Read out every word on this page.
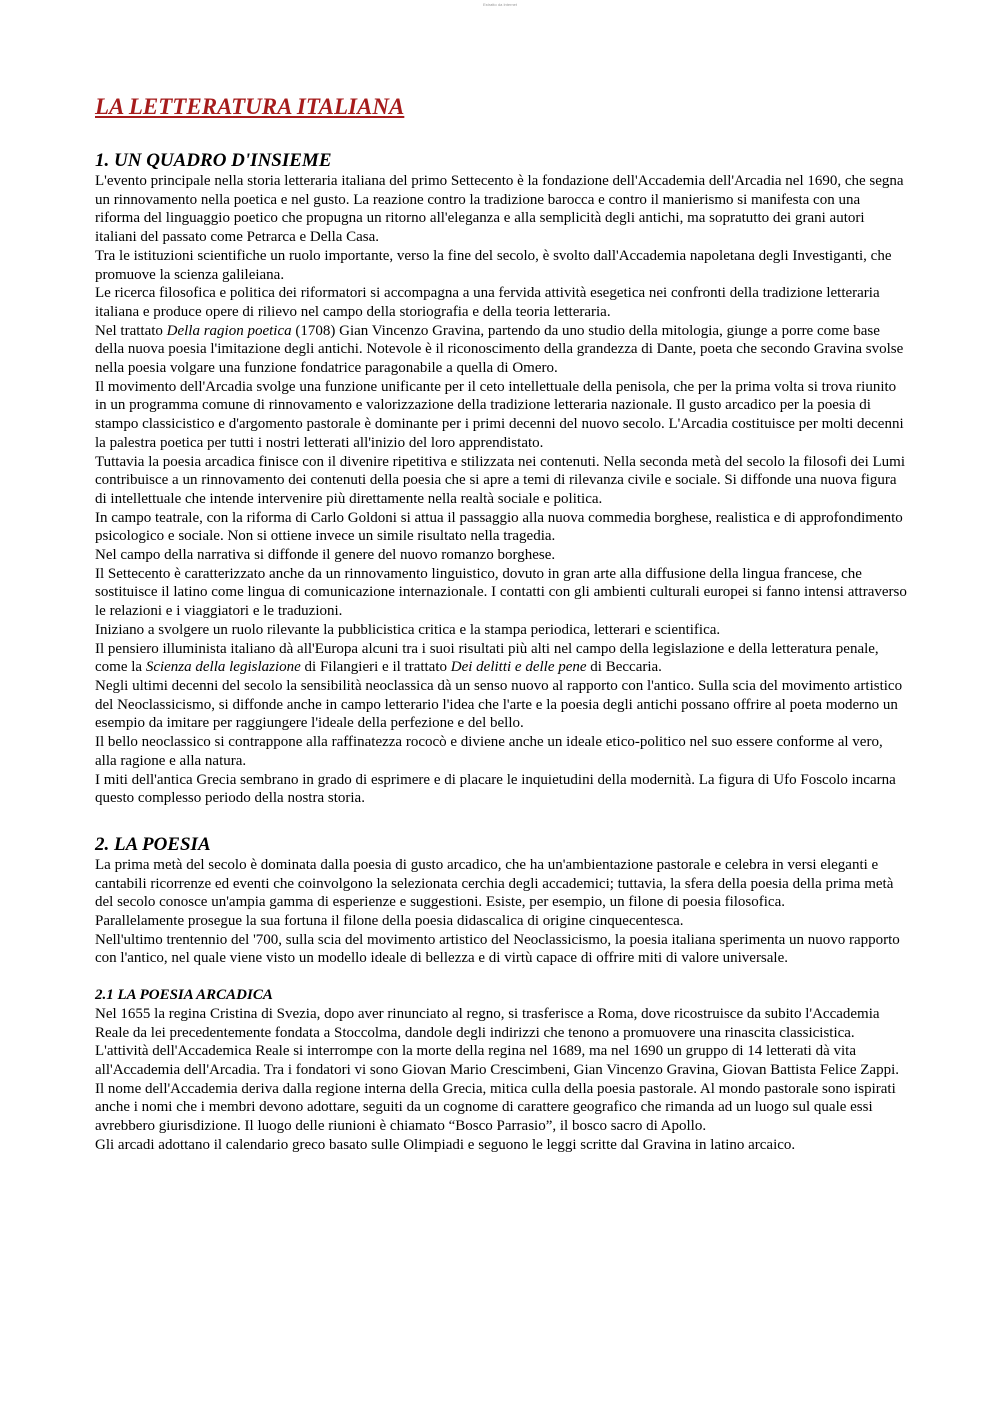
Estratto da Internet
LA LETTERATURA ITALIANA
1. UN QUADRO D'INSIEME

L'evento principale nella storia letteraria italiana del primo Settecento è la fondazione dell'Accademia dell'Arcadia nel 1690, che segna un rinnovamento nella poetica e nel gusto. La reazione contro la tradizione barocca e contro il manierismo si manifesta con una riforma del linguaggio poetico che propugna un ritorno all'eleganza e alla semplicità degli antichi, ma sopratutto dei grani autori italiani del passato come Petrarca e Della Casa.

Tra le istituzioni scientifiche un ruolo importante, verso la fine del secolo, è svolto dall'Accademia napoletana degli Investiganti, che promuove la scienza galileiana.

Le ricerca filosofica e politica dei riformatori si accompagna a una fervida attività esegetica nei confronti della tradizione letteraria italiana e produce opere di rilievo nel campo della storiografia e della teoria letteraria.

Nel trattato Della ragion poetica (1708) Gian Vincenzo Gravina, partendo da uno studio della mitologia, giunge a porre come base della nuova poesia l'imitazione degli antichi. Notevole è il riconoscimento della grandezza di Dante, poeta che secondo Gravina svolse nella poesia volgare una funzione fondatrice paragonabile a quella di Omero.

Il movimento dell'Arcadia svolge una funzione unificante per il ceto intellettuale della penisola, che per la prima volta si trova riunito in un programma comune di rinnovamento e valorizzazione della tradizione letteraria nazionale. Il gusto arcadico per la poesia di stampo classicistico e d'argomento pastorale è dominante per i primi decenni del nuovo secolo. L'Arcadia costituisce per molti decenni la palestra poetica per tutti i nostri letterati all'inizio del loro apprendistato.

Tuttavia la poesia arcadica finisce con il divenire ripetitiva e stilizzata nei contenuti. Nella seconda metà del secolo la filosofi dei Lumi contribuisce a un rinnovamento dei contenuti della poesia che si apre a temi di rilevanza civile e sociale. Si diffonde una nuova figura di intellettuale che intende intervenire più direttamente nella realtà sociale e politica.

In campo teatrale, con la riforma di Carlo Goldoni si attua il passaggio alla nuova commedia borghese, realistica e di approfondimento psicologico e sociale. Non si ottiene invece un simile risultato nella tragedia.

Nel campo della narrativa si diffonde il genere del nuovo romanzo borghese.

Il Settecento è caratterizzato anche da un rinnovamento linguistico, dovuto in gran arte alla diffusione della lingua francese, che sostituisce il latino come lingua di comunicazione internazionale. I contatti con gli ambienti culturali europei si fanno intensi attraverso le relazioni e i viaggiatori e le traduzioni.

Iniziano a svolgere un ruolo rilevante la pubblicistica critica e la stampa periodica, letterari e scientifica.

Il pensiero illuminista italiano dà all'Europa alcuni tra i suoi risultati più alti nel campo della legislazione e della letteratura penale, come la Scienza della legislazione di Filangieri e il trattato Dei delitti e delle pene di Beccaria.

Negli ultimi decenni del secolo la sensibilità neoclassica dà un senso nuovo al rapporto con l'antico. Sulla scia del movimento artistico del Neoclassicismo, si diffonde anche in campo letterario l'idea che l'arte e la poesia degli antichi possano offrire al poeta moderno un esempio da imitare per raggiungere l'ideale della perfezione e del bello.

Il bello neoclassico si contrappone alla raffinatezza rococò e diviene anche un ideale etico-politico nel suo essere conforme al vero, alla ragione e alla natura.

I miti dell'antica Grecia sembrano in grado di esprimere e di placare le inquietudini della modernità. La figura di Ufo Foscolo incarna questo complesso periodo della nostra storia.

2. LA POESIA

La prima metà del secolo è dominata dalla poesia di gusto arcadico, che ha un'ambientazione pastorale e celebra in versi eleganti e cantabili ricorrenze ed eventi che coinvolgono la selezionata cerchia degli accademici; tuttavia, la sfera della poesia della prima metà del secolo conosce un'ampia gamma di esperienze e suggestioni. Esiste, per esempio, un filone di poesia filosofica.

Parallelamente prosegue la sua fortuna il filone della poesia didascalica di origine cinquecentesca.

Nell'ultimo trentennio del '700, sulla scia del movimento artistico del Neoclassicismo, la poesia italiana sperimenta un nuovo rapporto con l'antico, nel quale viene visto un modello ideale di bellezza e di virtù capace di offrire miti di valore universale.

2.1 LA POESIA ARCADICA

Nel 1655 la regina Cristina di Svezia, dopo aver rinunciato al regno, si trasferisce a Roma, dove ricostruisce da subito l'Accademia Reale da lei precedentemente fondata a Stoccolma, dandole degli indirizzi che tenono a promuovere una rinascita classicistica.

L'attività dell'Accademica Reale si interrompe con la morte della regina nel 1689, ma nel 1690 un gruppo di 14 letterati dà vita all'Accademia dell'Arcadia. Tra i fondatori vi sono Giovan Mario Crescimbeni, Gian Vincenzo Gravina, Giovan Battista Felice Zappi.

Il nome dell'Accademia deriva dalla regione interna della Grecia, mitica culla della poesia pastorale. Al mondo pastorale sono ispirati anche i nomi che i membri devono adottare, seguiti da un cognome di carattere geografico che rimanda ad un luogo sul quale essi avrebbero giurisdizione. Il luogo delle riunioni è chiamato “Bosco Parrasio”, il bosco sacro di Apollo.

Gli arcadi adottano il calendario greco basato sulle Olimpiadi e seguono le leggi scritte dal Gravina in latino arcaico.
